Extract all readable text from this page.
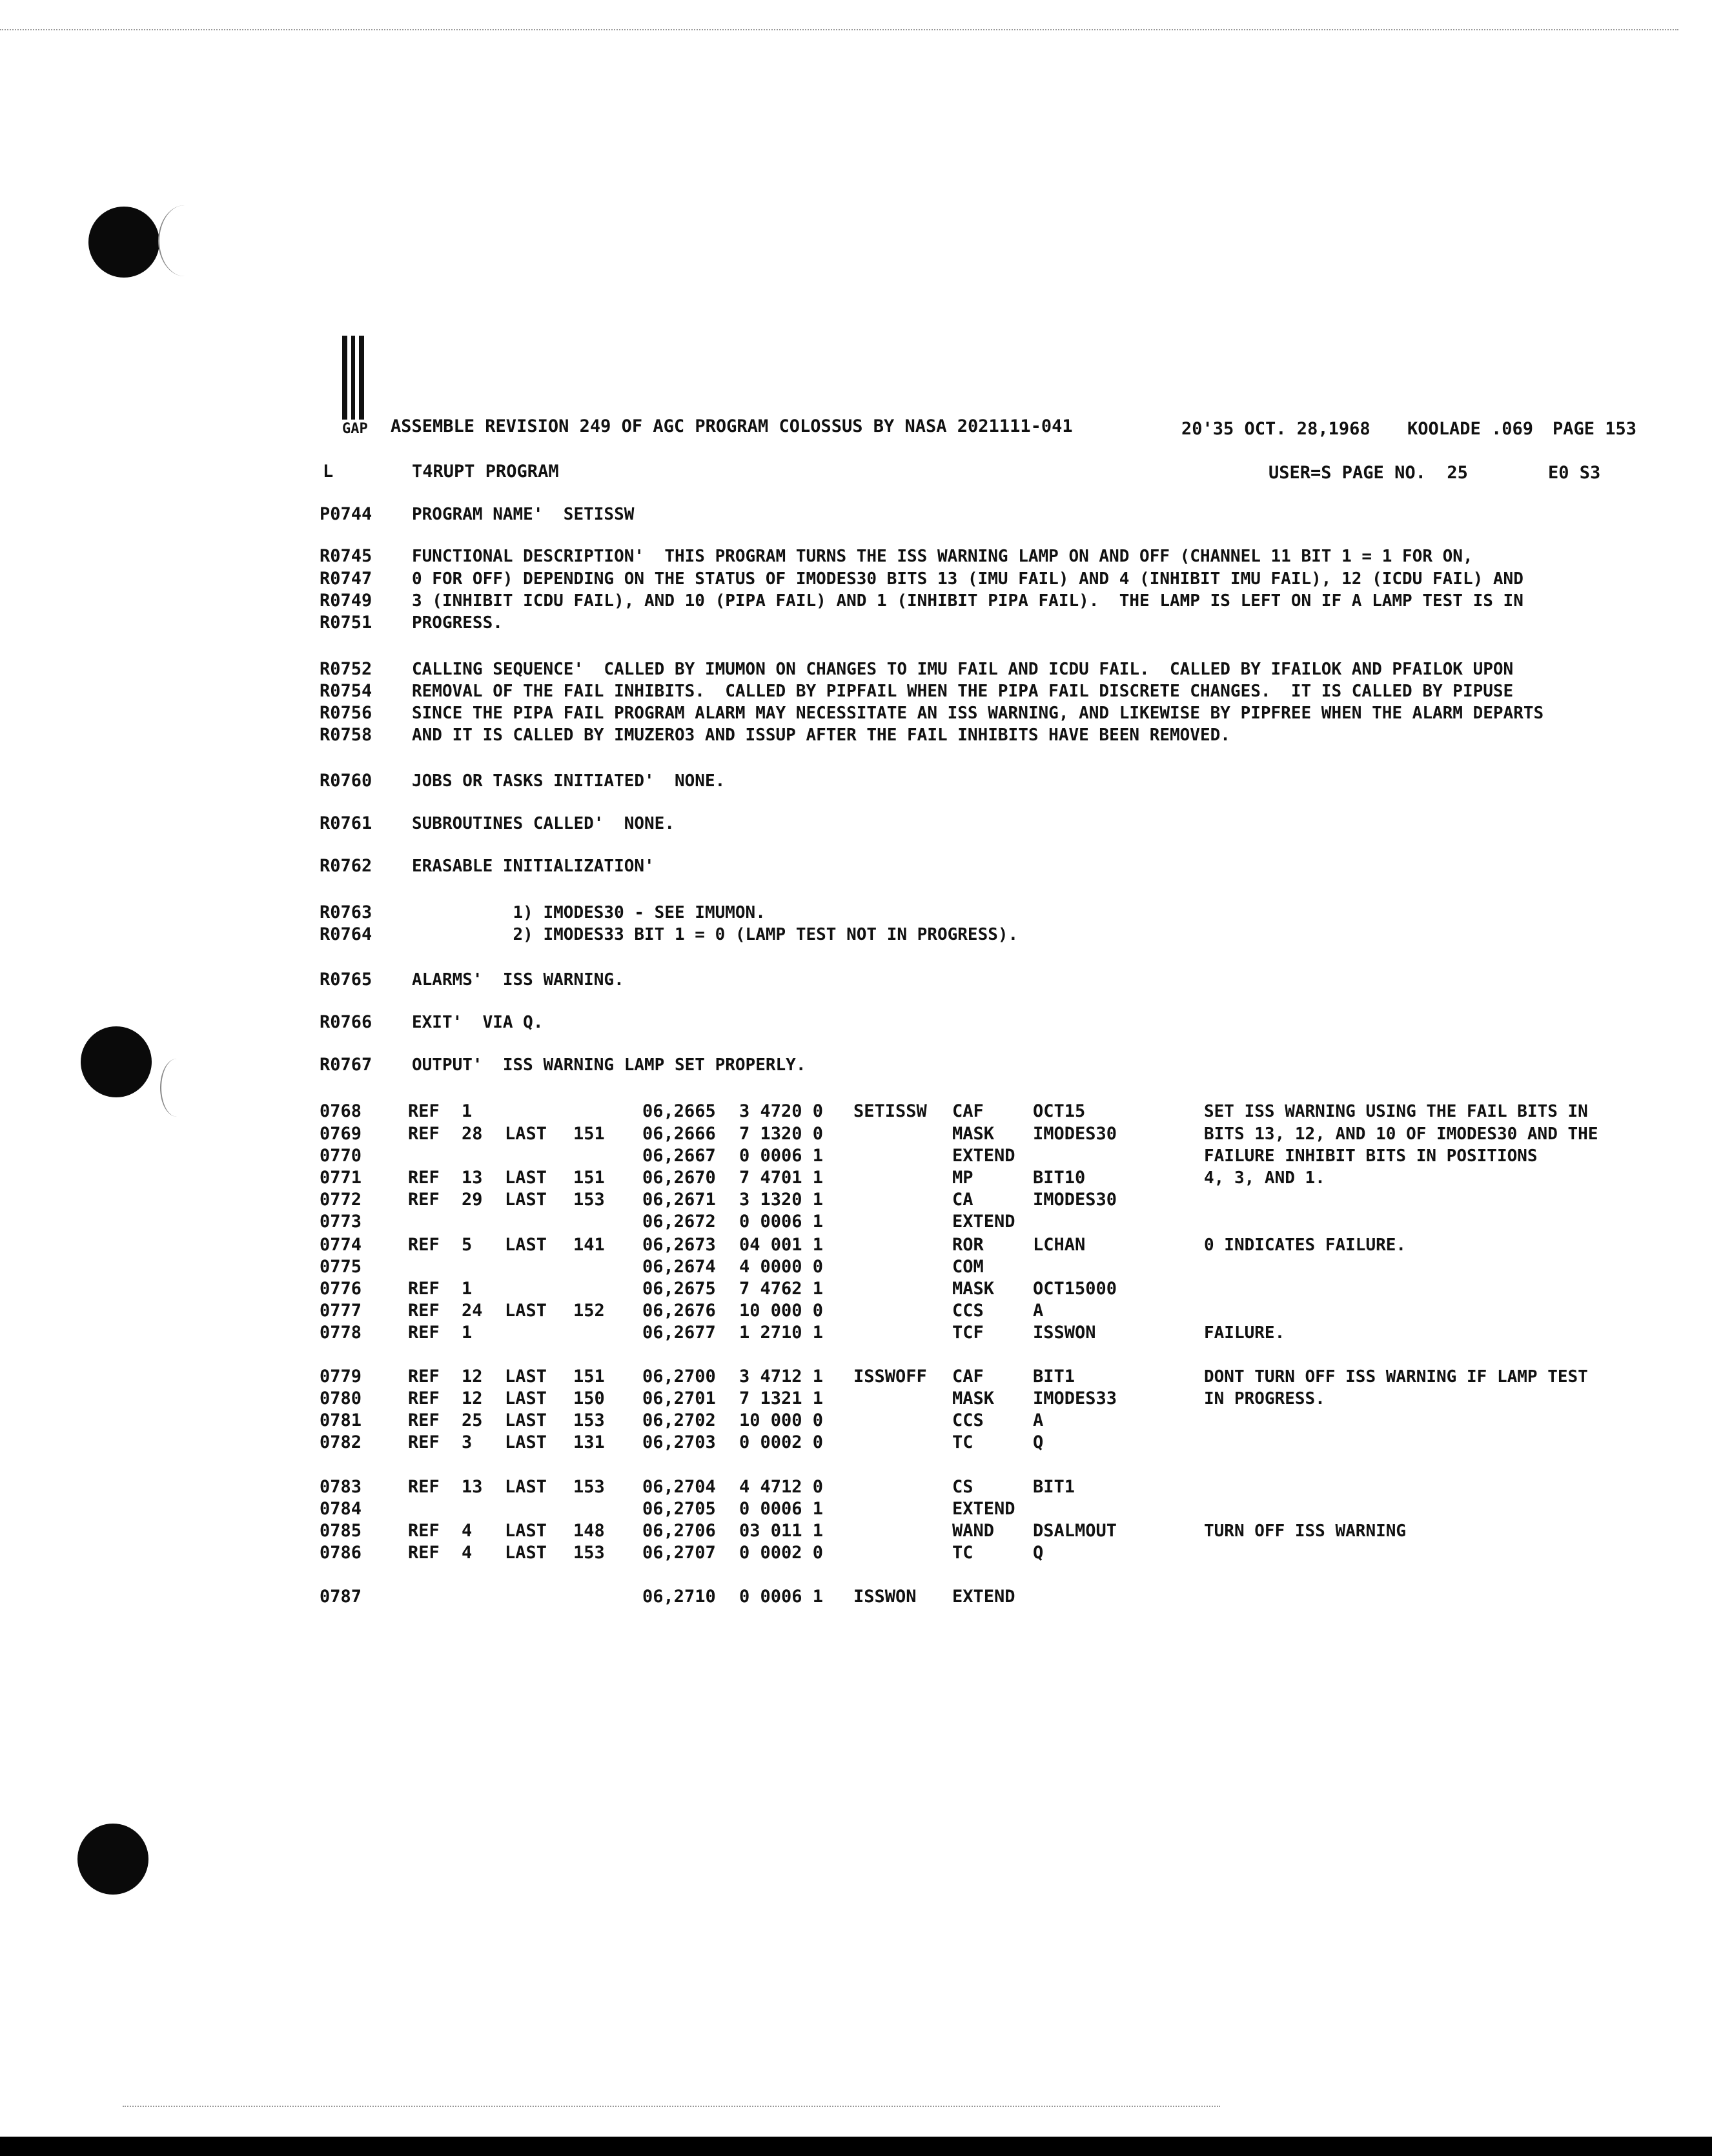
GAP ASSEMBLE REVISION 249 OF AGC PROGRAM COLOSSUS BY NASA 2021111-041	20'35 OCT. 28,1968 KOOLADE .069 PAGE 153
L	T4RUPT PROGRAM	USER=S PAGE NO.  25	E0 S3
P0744 PROGRAM NAME'  SETISSW
R0745 FUNCTIONAL DESCRIPTION'  THIS PROGRAM TURNS THE ISS WARNING LAMP ON AND OFF (CHANNEL 11 BIT 1 = 1 FOR ON,
R0747 0 FOR OFF) DEPENDING ON THE STATUS OF IMODES30 BITS 13 (IMU FAIL) AND 4 (INHIBIT IMU FAIL), 12 (ICDU FAIL) AND
R0749 3 (INHIBIT ICDU FAIL), AND 10 (PIPA FAIL) AND 1 (INHIBIT PIPA FAIL).  THE LAMP IS LEFT ON IF A LAMP TEST IS IN
R0751 PROGRESS.
R0752 CALLING SEQUENCE'  CALLED BY IMUMON ON CHANGES TO IMU FAIL AND ICDU FAIL.  CALLED BY IFAILOK AND PFAILOK UPON
R0754 REMOVAL OF THE FAIL INHIBITS.  CALLED BY PIPFAIL WHEN THE PIPA FAIL DISCRETE CHANGES.  IT IS CALLED BY PIPUSE
R0756 SINCE THE PIPA FAIL PROGRAM ALARM MAY NECESSITATE AN ISS WARNING, AND LIKEWISE BY PIPFREE WHEN THE ALARM DEPARTS
R0758 AND IT IS CALLED BY IMUZERO3 AND ISSUP AFTER THE FAIL INHIBITS HAVE BEEN REMOVED.
R0760 JOBS OR TASKS INITIATED'  NONE.
R0761 SUBROUTINES CALLED'  NONE.
R0762 ERASABLE INITIALIZATION'
R0763 1) IMODES30 - SEE IMUMON.
R0764 2) IMODES33 BIT 1 = 0 (LAMP TEST NOT IN PROGRESS).
R0765 ALARMS'  ISS WARNING.
R0766 EXIT'  VIA Q.
R0767 OUTPUT'  ISS WARNING LAMP SET PROPERLY.
0768	REF 1	06,2665 3 4720 0 SETISSW CAF	OCT15	SET ISS WARNING USING THE FAIL BITS IN
0769	REF 28 LAST 151 06,2666 7 1320 0	MASK IMODES30	BITS 13, 12, AND 10 OF IMODES30 AND THE
0770	06,2667 0 0006 1	EXTEND	FAILURE INHIBIT BITS IN POSITIONS
0771	REF 13 LAST 151 06,2670 7 4701 1	MP	BIT10	4, 3, AND 1.
0772	REF 29 LAST 153 06,2671 3 1320 1	CA	IMODES30
0773	06,2672 0 0006 1	EXTEND
0774	REF 5 LAST 141 06,2673 04 001 1	ROR	LCHAN	0 INDICATES FAILURE.
0775	06,2674 4 0000 0	COM
0776	REF 1	06,2675 7 4762 1	MASK OCT15000
0777	REF 24 LAST 152 06,2676 10 000 0	CCS	A
0778	REF 1	06,2677 1 2710 1	TCF	ISSWON	FAILURE.
0779	REF 12 LAST 151 06,2700 3 4712 1 ISSWOFF CAF	BIT1	DONT TURN OFF ISS WARNING IF LAMP TEST
0780	REF 12 LAST 150 06,2701 7 1321 1	MASK IMODES33	IN PROGRESS.
0781	REF 25 LAST 153 06,2702 10 000 0	CCS	A
0782	REF 3 LAST 131 06,2703 0 0002 0	TC	Q
0783	REF 13 LAST 153 06,2704 4 4712 0	CS	BIT1
0784	06,2705 0 0006 1	EXTEND
0785	REF 4 LAST 148 06,2706 03 011 1	WAND DSALMOUT	TURN OFF ISS WARNING
0786	REF 4 LAST 153 06,2707 0 0002 0	TC	Q
0787	06,2710 0 0006 1 ISSWON EXTEND
